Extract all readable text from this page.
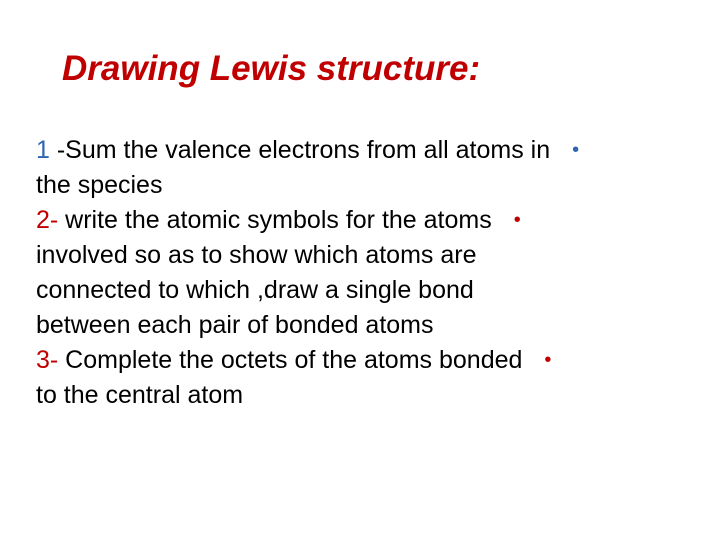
Drawing Lewis structure:
1 -Sum the valence electrons from all atoms in •
the species
2- write the atomic symbols for the atoms •
involved so as to show which atoms are
connected to which ,draw a single bond
between each pair of bonded atoms
3- Complete the octets of the atoms bonded •
to the central atom
